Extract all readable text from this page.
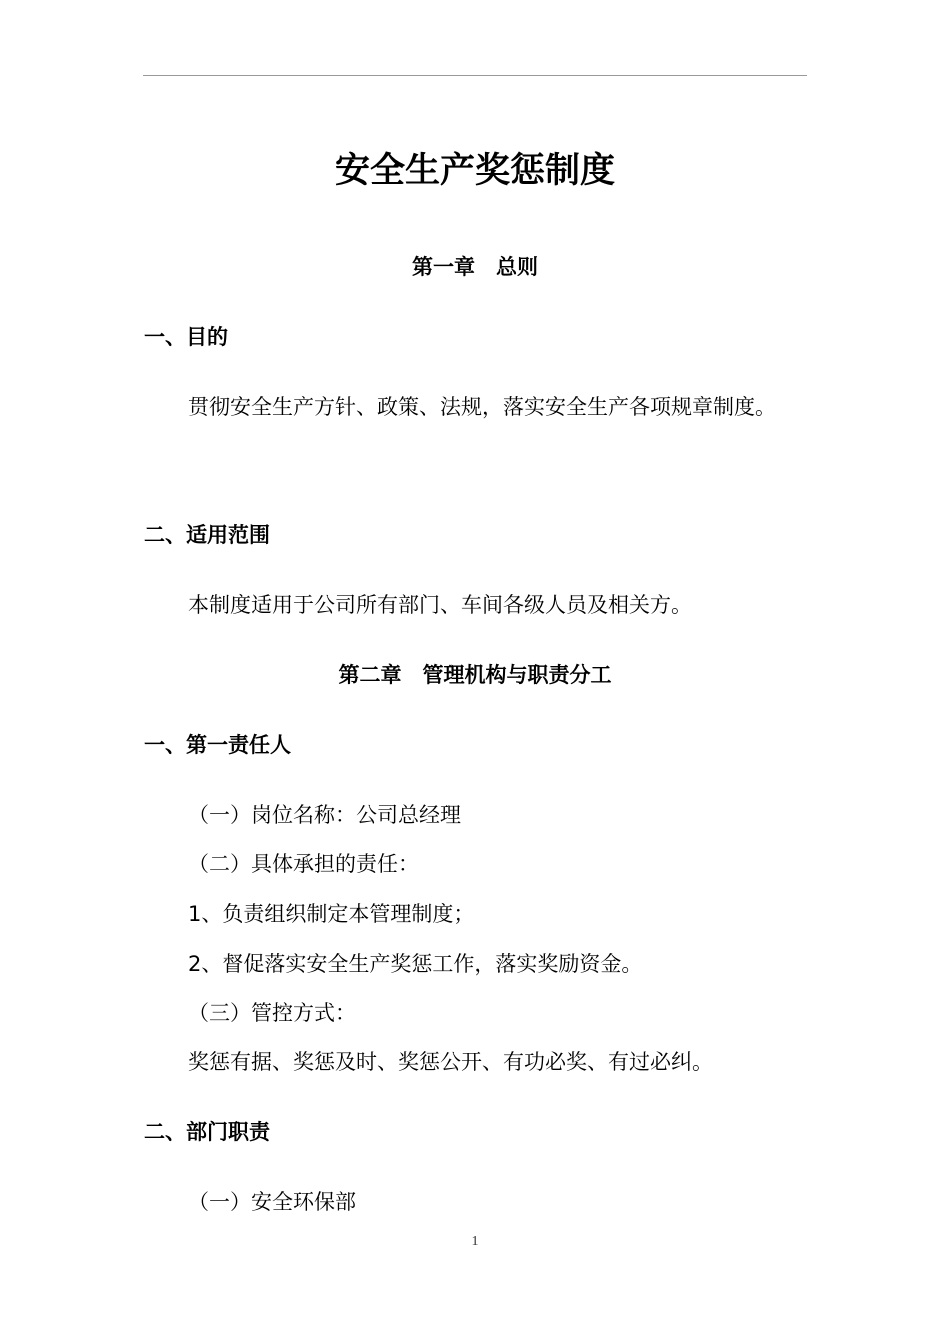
安全生产奖惩制度
第一章　总则
一、目的
贯彻安全生产方针、政策、法规，落实安全生产各项规章制度。
二、适用范围
本制度适用于公司所有部门、车间各级人员及相关方。
第二章　管理机构与职责分工
一、第一责任人
（一）岗位名称：公司总经理
（二）具体承担的责任：
1、负责组织制定本管理制度；
2、督促落实安全生产奖惩工作，落实奖励资金。
（三）管控方式：
奖惩有据、奖惩及时、奖惩公开、有功必奖、有过必纠。
二、部门职责
（一）安全环保部
1
